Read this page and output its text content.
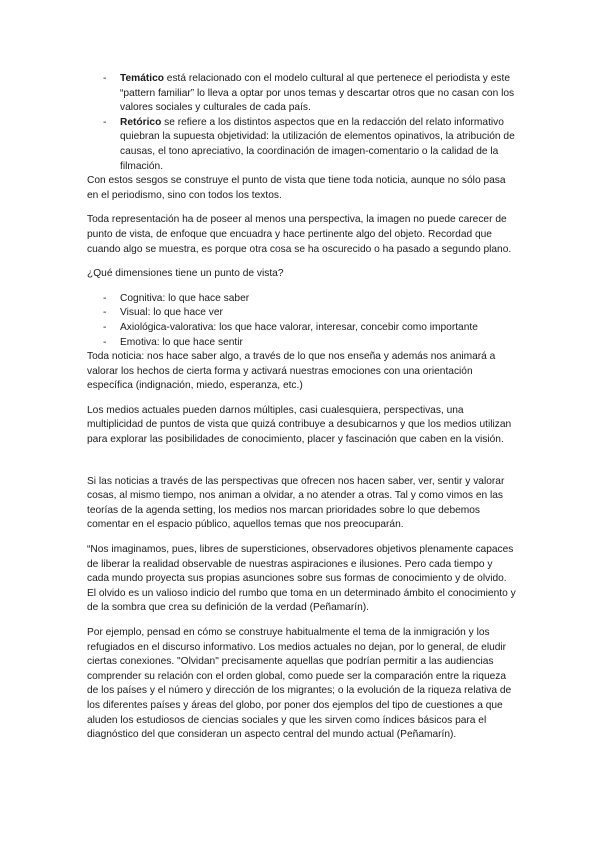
- Temático está relacionado con el modelo cultural al que pertenece el periodista y este “pattern familiar” lo lleva a optar por unos temas y descartar otros que no casan con los valores sociales y culturales de cada país.
- Retórico se refiere a los distintos aspectos que en la redacción del relato informativo quiebran la supuesta objetividad: la utilización de elementos opinativos, la atribución de causas, el tono apreciativo, la coordinación de imagen-comentario o la calidad de la filmación.

Con estos sesgos se construye el punto de vista que tiene toda noticia, aunque no sólo pasa en el periodismo, sino con todos los textos.

Toda representación ha de poseer al menos una perspectiva, la imagen no puede carecer de punto de vista, de enfoque que encuadra y hace pertinente algo del objeto. Recordad que cuando algo se muestra, es porque otra cosa se ha oscurecido o ha pasado a segundo plano.

¿Qué dimensiones tiene un punto de vista?

- Cognitiva: lo que hace saber
- Visual: lo que hace ver
- Axiológica-valorativa: los que hace valorar, interesar, concebir como importante
- Emotiva: lo que hace sentir

Toda noticia: nos hace saber algo, a través de lo que nos enseña y además nos animará a valorar los hechos de cierta forma y activará nuestras emociones con una orientación específica (indignación, miedo, esperanza, etc.)

Los medios actuales pueden darnos múltiples, casi cualesquiera, perspectivas, una multiplicidad de puntos de vista que quizá contribuye a desubicarnos y que los medios utilizan para explorar las posibilidades de conocimiento, placer y fascinación que caben en la visión.

Si las noticias a través de las perspectivas que ofrecen nos hacen saber, ver, sentir y valorar cosas, al mismo tiempo, nos animan a olvidar, a no atender a otras. Tal y como vimos en las teorías de la agenda setting, los medios nos marcan prioridades sobre lo que debemos comentar en el espacio público, aquellos temas que nos preocuparán.

“Nos imaginamos, pues, libres de supersticiones, observadores objetivos plenamente capaces de liberar la realidad observable de nuestras aspiraciones e ilusiones. Pero cada tiempo y cada mundo proyecta sus propias asunciones sobre sus formas de conocimiento y de olvido. El olvido es un valioso indicio del rumbo que toma en un determinado ámbito el conocimiento y de la sombra que crea su definición de la verdad (Peñamarín).

Por ejemplo, pensad en cómo se construye habitualmente el tema de la inmigración y los refugiados en el discurso informativo. Los medios actuales no dejan, por lo general, de eludir ciertas conexiones. "Olvidan" precisamente aquellas que podrían permitir a las audiencias comprender su relación con el orden global, como puede ser la comparación entre la riqueza de los países y el número y dirección de los migrantes; o la evolución de la riqueza relativa de los diferentes países y áreas del globo, por poner dos ejemplos del tipo de cuestiones a que aluden los estudiosos de ciencias sociales y que les sirven como índices básicos para el diagnóstico del que consideran un aspecto central del mundo actual (Peñamarín).
